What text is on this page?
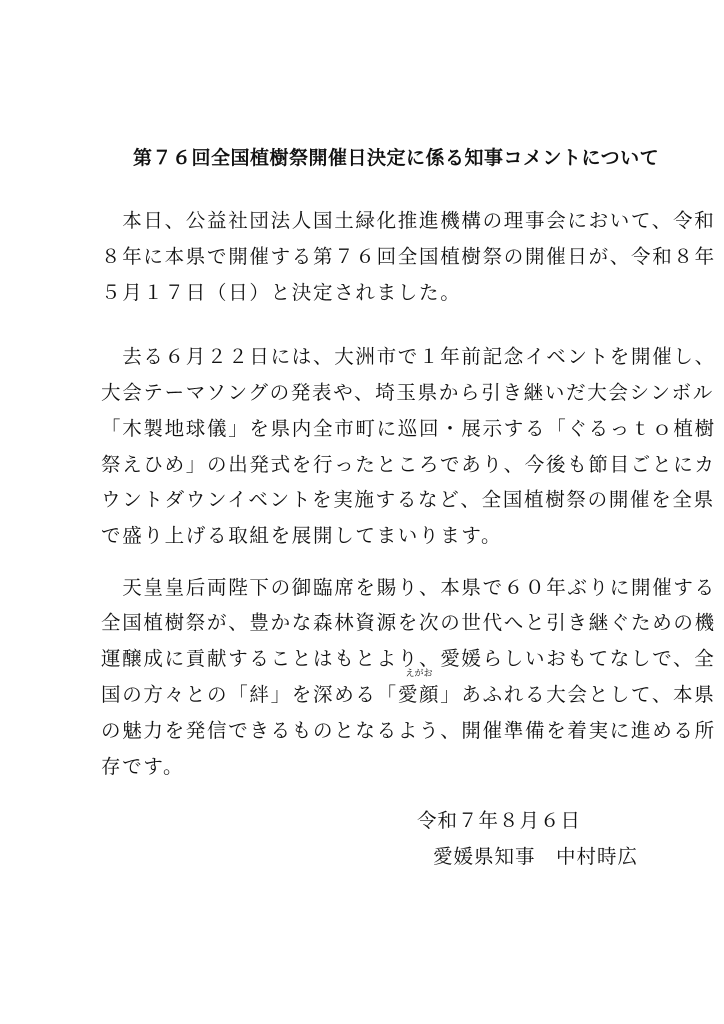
第７６回全国植樹祭開催日決定に係る知事コメントについて
　本日、公益社団法人国土緑化推進機構の理事会において、令和
８年に本県で開催する第７６回全国植樹祭の開催日が、令和８年
５月１７日（日）と決定されました。
　去る６月２２日には、大洲市で１年前記念イベントを開催し、
大会テーマソングの発表や、埼玉県から引き継いだ大会シンボル
「木製地球儀」を県内全市町に巡回・展示する「ぐるっｔｏ植樹
祭えひめ」の出発式を行ったところであり、今後も節目ごとにカ
ウントダウンイベントを実施するなど、全国植樹祭の開催を全県
で盛り上げる取組を展開してまいります。
　天皇皇后両陛下の御臨席を賜り、本県で６０年ぶりに開催する
全国植樹祭が、豊かな森林資源を次の世代へと引き継ぐための機
運醸成に貢献することはもとより、愛媛らしいおもてなしで、全
国の方々との「絆」を深める「
えがお
愛顔」あふれる大会として、本県
の魅力を発信できるものとなるよう、開催準備を着実に進める所
存です。
令和７年８月６日
愛媛県知事　中村時広
